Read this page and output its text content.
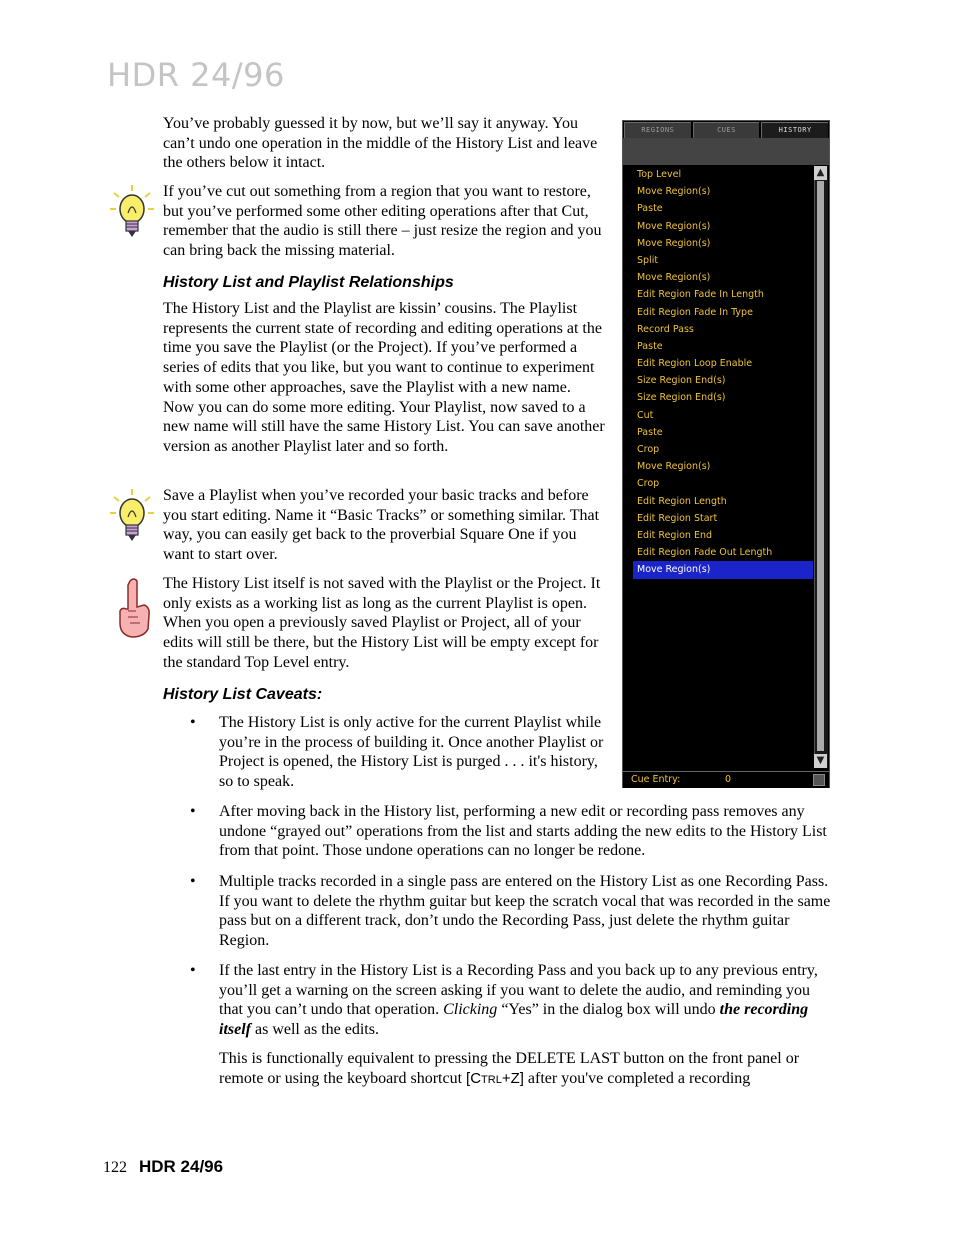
HDR 24/96

You’ve probably guessed it by now, but we’ll say it anyway. You can’t undo one operation in the middle of the History List and leave the others below it intact.

If you’ve cut out something from a region that you want to restore, but you’ve performed some other editing operations after that Cut, remember that the audio is still there – just resize the region and you can bring back the missing material.

History List and Playlist Relationships

The History List and the Playlist are kissin’ cousins. The Playlist represents the current state of recording and editing operations at the time you save the Playlist (or the Project). If you’ve performed a series of edits that you like, but you want to continue to experiment with some other approaches, save the Playlist with a new name. Now you can do some more editing. Your Playlist, now saved to a new name will still have the same History List. You can save another version as another Playlist later and so forth.

Save a Playlist when you’ve recorded your basic tracks and before you start editing. Name it “Basic Tracks” or something similar. That way, you can easily get back to the proverbial Square One if you want to start over.

The History List itself is not saved with the Playlist or the Project. It only exists as a working list as long as the current Playlist is open. When you open a previously saved Playlist or Project, all of your edits will still be there, but the History List will be empty except for the standard Top Level entry.

History List Caveats:
• The History List is only active for the current Playlist while you’re in the process of building it. Once another Playlist or Project is opened, the History List is purged . . . it's history, so to speak.
• After moving back in the History list, performing a new edit or recording pass removes any undone “grayed out” operations from the list and starts adding the new edits to the History List from that point. Those undone operations can no longer be redone.
• Multiple tracks recorded in a single pass are entered on the History List as one Recording Pass. If you want to delete the rhythm guitar but keep the scratch vocal that was recorded in the same pass but on a different track, don’t undo the Recording Pass, just delete the rhythm guitar Region.
• If the last entry in the History List is a Recording Pass and you back up to any previous entry, you’ll get a warning on the screen asking if you want to delete the audio, and reminding you that you can’t undo that operation. Clicking “Yes” in the dialog box will undo the recording itself as well as the edits.

This is functionally equivalent to pressing the DELETE LAST button on the front panel or remote or using the keyboard shortcut [CTRL+Z] after you've completed a recording

REGIONS	CUES	HISTORY
Top Level
Move Region(s)
Paste
Move Region(s)
Move Region(s)
Split
Move Region(s)
Edit Region Fade In Length
Edit Region Fade In Type
Record Pass
Paste
Edit Region Loop Enable
Size Region End(s)
Size Region End(s)
Cut
Paste
Crop
Move Region(s)
Crop
Edit Region Length
Edit Region Start
Edit Region End
Edit Region Fade Out Length
Move Region(s)
▲
▼
Cue Entry:	0
122 HDR 24/96
